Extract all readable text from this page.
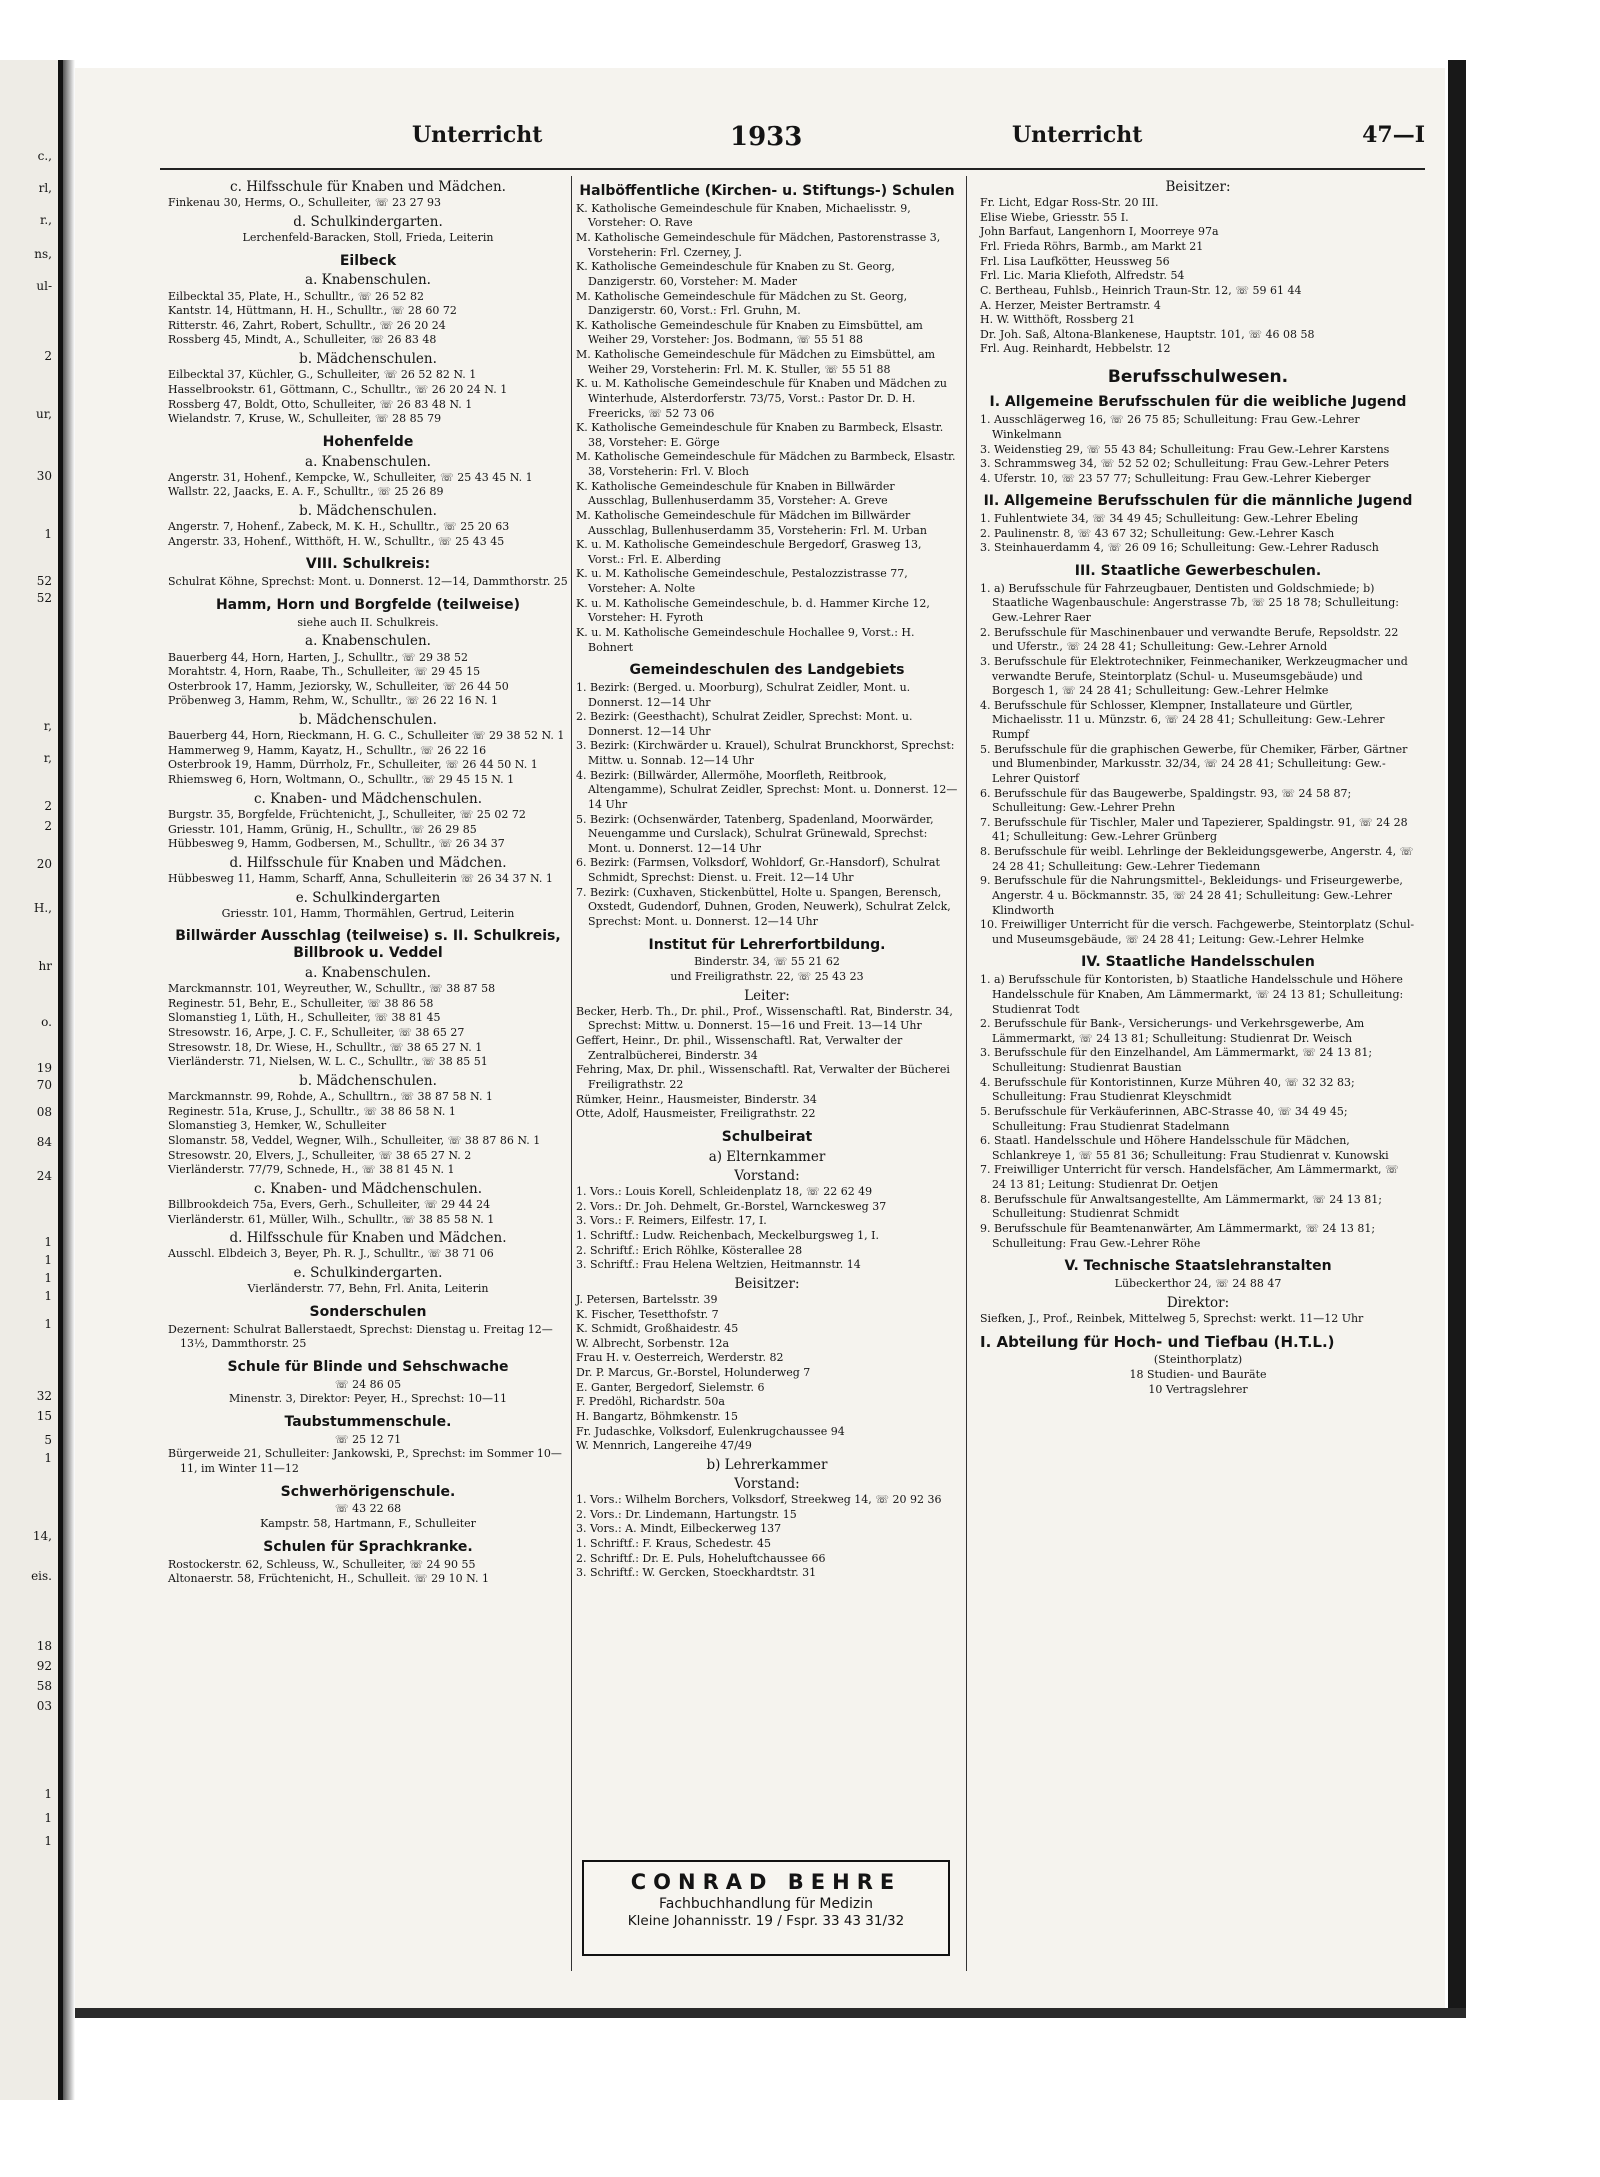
c.,
rl,
r.,
ns,
ul-
2
ur,
30
1
52
52
r,
r,
2
2
20
H.,
hr
o.
19
70
08
84
24
1
1
1
1
1
32
15
5
1
14,
eis.
18
92
58
03
1
1
1
Unterricht	1933	Unterricht	47—I
c. Hilfsschule für Knaben und Mädchen.

Finkenau 30, Herms, O., Schulleiter, ☏ 23 27 93

d. Schulkindergarten.

Lerchenfeld-Baracken, Stoll, Frieda, Leiterin

Eilbeck
a. Knabenschulen.

Eilbecktal 35, Plate, H., Schulltr., ☏ 26 52 82

Kantstr. 14, Hüttmann, H. H., Schulltr., ☏ 28 60 72

Ritterstr. 46, Zahrt, Robert, Schulltr., ☏ 26 20 24

Rossberg 45, Mindt, A., Schulleiter, ☏ 26 83 48

b. Mädchenschulen.

Eilbecktal 37, Küchler, G., Schulleiter, ☏ 26 52 82 N. 1

Hasselbrookstr. 61, Göttmann, C., Schulltr., ☏ 26 20 24 N. 1

Rossberg 47, Boldt, Otto, Schulleiter, ☏ 26 83 48 N. 1

Wielandstr. 7, Kruse, W., Schulleiter, ☏ 28 85 79

Hohenfelde
a. Knabenschulen.

Angerstr. 31, Hohenf., Kempcke, W., Schulleiter, ☏ 25 43 45 N. 1

Wallstr. 22, Jaacks, E. A. F., Schulltr., ☏ 25 26 89

b. Mädchenschulen.

Angerstr. 7, Hohenf., Zabeck, M. K. H., Schulltr., ☏ 25 20 63

Angerstr. 33, Hohenf., Witthöft, H. W., Schulltr., ☏ 25 43 45

VIII. Schulkreis:

Schulrat Köhne, Sprechst: Mont. u. Donnerst. 12—14, Dammthorstr. 25

Hamm, Horn und Borgfelde (teilweise)

siehe auch II. Schulkreis.

a. Knabenschulen.

Bauerberg 44, Horn, Harten, J., Schulltr., ☏ 29 38 52

Morahtstr. 4, Horn, Raabe, Th., Schulleiter, ☏ 29 45 15

Osterbrook 17, Hamm, Jeziorsky, W., Schulleiter, ☏ 26 44 50

Pröbenweg 3, Hamm, Rehm, W., Schulltr., ☏ 26 22 16 N. 1

b. Mädchenschulen.

Bauerberg 44, Horn, Rieckmann, H. G. C., Schulleiter ☏ 29 38 52 N. 1

Hammerweg 9, Hamm, Kayatz, H., Schulltr., ☏ 26 22 16

Osterbrook 19, Hamm, Dürrholz, Fr., Schulleiter, ☏ 26 44 50 N. 1

Rhiemsweg 6, Horn, Woltmann, O., Schulltr., ☏ 29 45 15 N. 1

c. Knaben- und Mädchenschulen.

Burgstr. 35, Borgfelde, Früchtenicht, J., Schulleiter, ☏ 25 02 72

Griesstr. 101, Hamm, Grünig, H., Schulltr., ☏ 26 29 85

Hübbesweg 9, Hamm, Godbersen, M., Schulltr., ☏ 26 34 37

d. Hilfsschule für Knaben und Mädchen.

Hübbesweg 11, Hamm, Scharff, Anna, Schulleiterin ☏ 26 34 37 N. 1

e. Schulkindergarten

Griesstr. 101, Hamm, Thormählen, Gertrud, Leiterin

Billwärder Ausschlag (teilweise) s. II. Schulkreis, Billbrook u. Veddel
a. Knabenschulen.

Marckmannstr. 101, Weyreuther, W., Schulltr., ☏ 38 87 58

Reginestr. 51, Behr, E., Schulleiter, ☏ 38 86 58

Slomanstieg 1, Lüth, H., Schulleiter, ☏ 38 81 45

Stresowstr. 16, Arpe, J. C. F., Schulleiter, ☏ 38 65 27

Stresowstr. 18, Dr. Wiese, H., Schulltr., ☏ 38 65 27 N. 1

Vierländerstr. 71, Nielsen, W. L. C., Schulltr., ☏ 38 85 51

b. Mädchenschulen.

Marckmannstr. 99, Rohde, A., Schulltrn., ☏ 38 87 58 N. 1

Reginestr. 51a, Kruse, J., Schulltr., ☏ 38 86 58 N. 1

Slomanstieg 3, Hemker, W., Schulleiter

Slomanstr. 58, Veddel, Wegner, Wilh., Schulleiter, ☏ 38 87 86 N. 1

Stresowstr. 20, Elvers, J., Schulleiter, ☏ 38 65 27 N. 2

Vierländerstr. 77/79, Schnede, H., ☏ 38 81 45 N. 1

c. Knaben- und Mädchenschulen.

Billbrookdeich 75a, Evers, Gerh., Schulleiter, ☏ 29 44 24

Vierländerstr. 61, Müller, Wilh., Schulltr., ☏ 38 85 58 N. 1

d. Hilfsschule für Knaben und Mädchen.

Ausschl. Elbdeich 3, Beyer, Ph. R. J., Schulltr., ☏ 38 71 06

e. Schulkindergarten.

Vierländerstr. 77, Behn, Frl. Anita, Leiterin

Sonderschulen

Dezernent: Schulrat Ballerstaedt, Sprechst: Dienstag u. Freitag 12—13½, Dammthorstr. 25

Schule für Blinde und Sehschwache

☏ 24 86 05

Minenstr. 3, Direktor: Peyer, H., Sprechst: 10—11

Taubstummenschule.

☏ 25 12 71

Bürgerweide 21, Schulleiter: Jankowski, P., Sprechst: im Sommer 10—11, im Winter 11—12

Schwerhörigenschule.

☏ 43 22 68

Kampstr. 58, Hartmann, F., Schulleiter

Schulen für Sprachkranke.

Rostockerstr. 62, Schleuss, W., Schulleiter, ☏ 24 90 55

Altonaerstr. 58, Früchtenicht, H., Schulleit. ☏ 29 10 N. 1

Halböffentliche (Kirchen- u. Stiftungs-) Schulen

K. Katholische Gemeindeschule für Knaben, Michaelisstr. 9, Vorsteher: O. Rave

M. Katholische Gemeindeschule für Mädchen, Pastorenstrasse 3, Vorsteherin: Frl. Czerney, J.

K. Katholische Gemeindeschule für Knaben zu St. Georg, Danzigerstr. 60, Vorsteher: M. Mader

M. Katholische Gemeindeschule für Mädchen zu St. Georg, Danzigerstr. 60, Vorst.: Frl. Gruhn, M.

K. Katholische Gemeindeschule für Knaben zu Eimsbüttel, am Weiher 29, Vorsteher: Jos. Bodmann, ☏ 55 51 88

M. Katholische Gemeindeschule für Mädchen zu Eimsbüttel, am Weiher 29, Vorsteherin: Frl. M. K. Stuller, ☏ 55 51 88

K. u. M. Katholische Gemeindeschule für Knaben und Mädchen zu Winterhude, Alsterdorferstr. 73/75, Vorst.: Pastor Dr. D. H. Freericks, ☏ 52 73 06

K. Katholische Gemeindeschule für Knaben zu Barmbeck, Elsastr. 38, Vorsteher: E. Görge

M. Katholische Gemeindeschule für Mädchen zu Barmbeck, Elsastr. 38, Vorsteherin: Frl. V. Bloch

K. Katholische Gemeindeschule für Knaben in Billwärder Ausschlag, Bullenhuserdamm 35, Vorsteher: A. Greve

M. Katholische Gemeindeschule für Mädchen im Billwärder Ausschlag, Bullenhuserdamm 35, Vorsteherin: Frl. M. Urban

K. u. M. Katholische Gemeindeschule Bergedorf, Grasweg 13, Vorst.: Frl. E. Alberding

K. u. M. Katholische Gemeindeschule, Pestalozzistrasse 77, Vorsteher: A. Nolte

K. u. M. Katholische Gemeindeschule, b. d. Hammer Kirche 12, Vorsteher: H. Fyroth

K. u. M. Katholische Gemeindeschule Hochallee 9, Vorst.: H. Bohnert

Gemeindeschulen des Landgebiets

1. Bezirk: (Berged. u. Moorburg), Schulrat Zeidler, Mont. u. Donnerst. 12—14 Uhr

2. Bezirk: (Geesthacht), Schulrat Zeidler, Sprechst: Mont. u. Donnerst. 12—14 Uhr

3. Bezirk: (Kirchwärder u. Krauel), Schulrat Brunckhorst, Sprechst: Mittw. u. Sonnab. 12—14 Uhr

4. Bezirk: (Billwärder, Allermöhe, Moorfleth, Reitbrook, Altengamme), Schulrat Zeidler, Sprechst: Mont. u. Donnerst. 12—14 Uhr

5. Bezirk: (Ochsenwärder, Tatenberg, Spadenland, Moorwärder, Neuengamme und Curslack), Schulrat Grünewald, Sprechst: Mont. u. Donnerst. 12—14 Uhr

6. Bezirk: (Farmsen, Volksdorf, Wohldorf, Gr.-Hansdorf), Schulrat Schmidt, Sprechst: Dienst. u. Freit. 12—14 Uhr

7. Bezirk: (Cuxhaven, Stickenbüttel, Holte u. Spangen, Berensch, Oxstedt, Gudendorf, Duhnen, Groden, Neuwerk), Schulrat Zelck, Sprechst: Mont. u. Donnerst. 12—14 Uhr

Institut für Lehrerfortbildung.

Binderstr. 34, ☏ 55 21 62

und Freiligrathstr. 22, ☏ 25 43 23

Leiter:

Becker, Herb. Th., Dr. phil., Prof., Wissenschaftl. Rat, Binderstr. 34, Sprechst: Mittw. u. Donnerst. 15—16 und Freit. 13—14 Uhr

Geffert, Heinr., Dr. phil., Wissenschaftl. Rat, Verwalter der Zentralbücherei, Binderstr. 34

Fehring, Max, Dr. phil., Wissenschaftl. Rat, Verwalter der Bücherei Freiligrathstr. 22

Rümker, Heinr., Hausmeister, Binderstr. 34

Otte, Adolf, Hausmeister, Freiligrathstr. 22

Schulbeirat
a) Elternkammer
Vorstand:

1. Vors.: Louis Korell, Schleidenplatz 18, ☏ 22 62 49

2. Vors.: Dr. Joh. Dehmelt, Gr.-Borstel, Warnckesweg 37

3. Vors.: F. Reimers, Eilfestr. 17, I.

1. Schriftf.: Ludw. Reichenbach, Meckelburgsweg 1, I.

2. Schriftf.: Erich Röhlke, Kösterallee 28

3. Schriftf.: Frau Helena Weltzien, Heitmannstr. 14

Beisitzer:

J. Petersen, Bartelsstr. 39

K. Fischer, Tesetthofstr. 7

K. Schmidt, Großhaidestr. 45

W. Albrecht, Sorbenstr. 12a

Frau H. v. Oesterreich, Werderstr. 82

Dr. P. Marcus, Gr.-Borstel, Holunderweg 7

E. Ganter, Bergedorf, Sielemstr. 6

F. Predöhl, Richardstr. 50a

H. Bangartz, Böhmkenstr. 15

Fr. Judaschke, Volksdorf, Eulenkrugchaussee 94

W. Mennrich, Langereihe 47/49

b) Lehrerkammer
Vorstand:

1. Vors.: Wilhelm Borchers, Volksdorf, Streekweg 14, ☏ 20 92 36

2. Vors.: Dr. Lindemann, Hartungstr. 15

3. Vors.: A. Mindt, Eilbeckerweg 137

1. Schriftf.: F. Kraus, Schedestr. 45

2. Schriftf.: Dr. E. Puls, Hoheluftchaussee 66

3. Schriftf.: W. Gercken, Stoeckhardtstr. 31

Beisitzer:

Fr. Licht, Edgar Ross-Str. 20 III.

Elise Wiebe, Griesstr. 55 I.

John Barfaut, Langenhorn I, Moorreye 97a

Frl. Frieda Röhrs, Barmb., am Markt 21

Frl. Lisa Laufkötter, Heussweg 56

Frl. Lic. Maria Kliefoth, Alfredstr. 54

C. Bertheau, Fuhlsb., Heinrich Traun-Str. 12, ☏ 59 61 44

A. Herzer, Meister Bertramstr. 4

H. W. Witthöft, Rossberg 21

Dr. Joh. Saß, Altona-Blankenese, Hauptstr. 101, ☏ 46 08 58

Frl. Aug. Reinhardt, Hebbelstr. 12

Berufsschulwesen.
I. Allgemeine Berufsschulen für die weibliche Jugend

1. Ausschlägerweg 16, ☏ 26 75 85; Schulleitung: Frau Gew.-Lehrer Winkelmann

3. Weidenstieg 29, ☏ 55 43 84; Schulleitung: Frau Gew.-Lehrer Karstens

3. Schrammsweg 34, ☏ 52 52 02; Schulleitung: Frau Gew.-Lehrer Peters

4. Uferstr. 10, ☏ 23 57 77; Schulleitung: Frau Gew.-Lehrer Kieberger

II. Allgemeine Berufsschulen für die männliche Jugend

1. Fuhlentwiete 34, ☏ 34 49 45; Schulleitung: Gew.-Lehrer Ebeling

2. Paulinenstr. 8, ☏ 43 67 32; Schulleitung: Gew.-Lehrer Kasch

3. Steinhauerdamm 4, ☏ 26 09 16; Schulleitung: Gew.-Lehrer Radusch

III. Staatliche Gewerbeschulen.

1. a) Berufsschule für Fahrzeugbauer, Dentisten und Goldschmiede; b) Staatliche Wagenbauschule: Angerstrasse 7b, ☏ 25 18 78; Schulleitung: Gew.-Lehrer Raer

2. Berufsschule für Maschinenbauer und verwandte Berufe, Repsoldstr. 22 und Uferstr., ☏ 24 28 41; Schulleitung: Gew.-Lehrer Arnold

3. Berufsschule für Elektrotechniker, Feinmechaniker, Werkzeugmacher und verwandte Berufe, Steintorplatz (Schul- u. Museumsgebäude) und Borgesch 1, ☏ 24 28 41; Schulleitung: Gew.-Lehrer Helmke

4. Berufsschule für Schlosser, Klempner, Installateure und Gürtler, Michaelisstr. 11 u. Münzstr. 6, ☏ 24 28 41; Schulleitung: Gew.-Lehrer Rumpf

5. Berufsschule für die graphischen Gewerbe, für Chemiker, Färber, Gärtner und Blumenbinder, Markusstr. 32/34, ☏ 24 28 41; Schulleitung: Gew.-Lehrer Quistorf

6. Berufsschule für das Baugewerbe, Spaldingstr. 93, ☏ 24 58 87; Schulleitung: Gew.-Lehrer Prehn

7. Berufsschule für Tischler, Maler und Tapezierer, Spaldingstr. 91, ☏ 24 28 41; Schulleitung: Gew.-Lehrer Grünberg

8. Berufsschule für weibl. Lehrlinge der Bekleidungsgewerbe, Angerstr. 4, ☏ 24 28 41; Schulleitung: Gew.-Lehrer Tiedemann

9. Berufsschule für die Nahrungsmittel-, Bekleidungs- und Friseurgewerbe, Angerstr. 4 u. Böckmannstr. 35, ☏ 24 28 41; Schulleitung: Gew.-Lehrer Klindworth

10. Freiwilliger Unterricht für die versch. Fachgewerbe, Steintorplatz (Schul- und Museumsgebäude, ☏ 24 28 41; Leitung: Gew.-Lehrer Helmke

IV. Staatliche Handelsschulen

1. a) Berufsschule für Kontoristen, b) Staatliche Handelsschule und Höhere Handelsschule für Knaben, Am Lämmermarkt, ☏ 24 13 81; Schulleitung: Studienrat Todt

2. Berufsschule für Bank-, Versicherungs- und Verkehrsgewerbe, Am Lämmermarkt, ☏ 24 13 81; Schulleitung: Studienrat Dr. Weisch

3. Berufsschule für den Einzelhandel, Am Lämmermarkt, ☏ 24 13 81; Schulleitung: Studienrat Baustian

4. Berufsschule für Kontoristinnen, Kurze Mühren 40, ☏ 32 32 83; Schulleitung: Frau Studienrat Kleyschmidt

5. Berufsschule für Verkäuferinnen, ABC-Strasse 40, ☏ 34 49 45; Schulleitung: Frau Studienrat Stadelmann

6. Staatl. Handelsschule und Höhere Handelsschule für Mädchen, Schlankreye 1, ☏ 55 81 36; Schulleitung: Frau Studienrat v. Kunowski

7. Freiwilliger Unterricht für versch. Handelsfächer, Am Lämmermarkt, ☏ 24 13 81; Leitung: Studienrat Dr. Oetjen

8. Berufsschule für Anwaltsangestellte, Am Lämmermarkt, ☏ 24 13 81; Schulleitung: Studienrat Schmidt

9. Berufsschule für Beamtenanwärter, Am Lämmermarkt, ☏ 24 13 81; Schulleitung: Frau Gew.-Lehrer Röhe

V. Technische Staatslehranstalten

Lübeckerthor 24, ☏ 24 88 47

Direktor:

Siefken, J., Prof., Reinbek, Mittelweg 5, Sprechst: werkt. 11—12 Uhr

I. Abteilung für Hoch- und Tiefbau (H.T.L.)

(Steinthorplatz)

18 Studien- und Bauräte

10 Vertragslehrer

CONRAD BEHRE
Fachbuchhandlung für Medizin
Kleine Johannisstr. 19 / Fspr. 33 43 31/32
